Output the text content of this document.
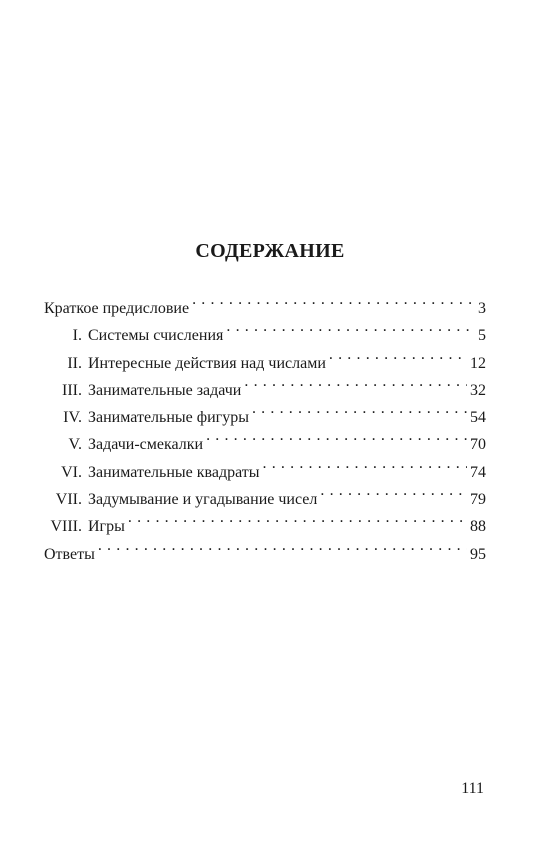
СОДЕРЖАНИЕ
Краткое предисловие . . .	3
I. Системы счисления . . .	5
II. Интересные действия над числами . . .	12
III. Занимательные задачи . . .	32
IV. Занимательные фигуры . . .	54
V. Задачи-смекалки . . .	70
VI. Занимательные квадраты . . .	74
VII. Задумывание и угадывание чисел . . .	79
VIII. Игры . . .	88
Ответы . . .	95

111
